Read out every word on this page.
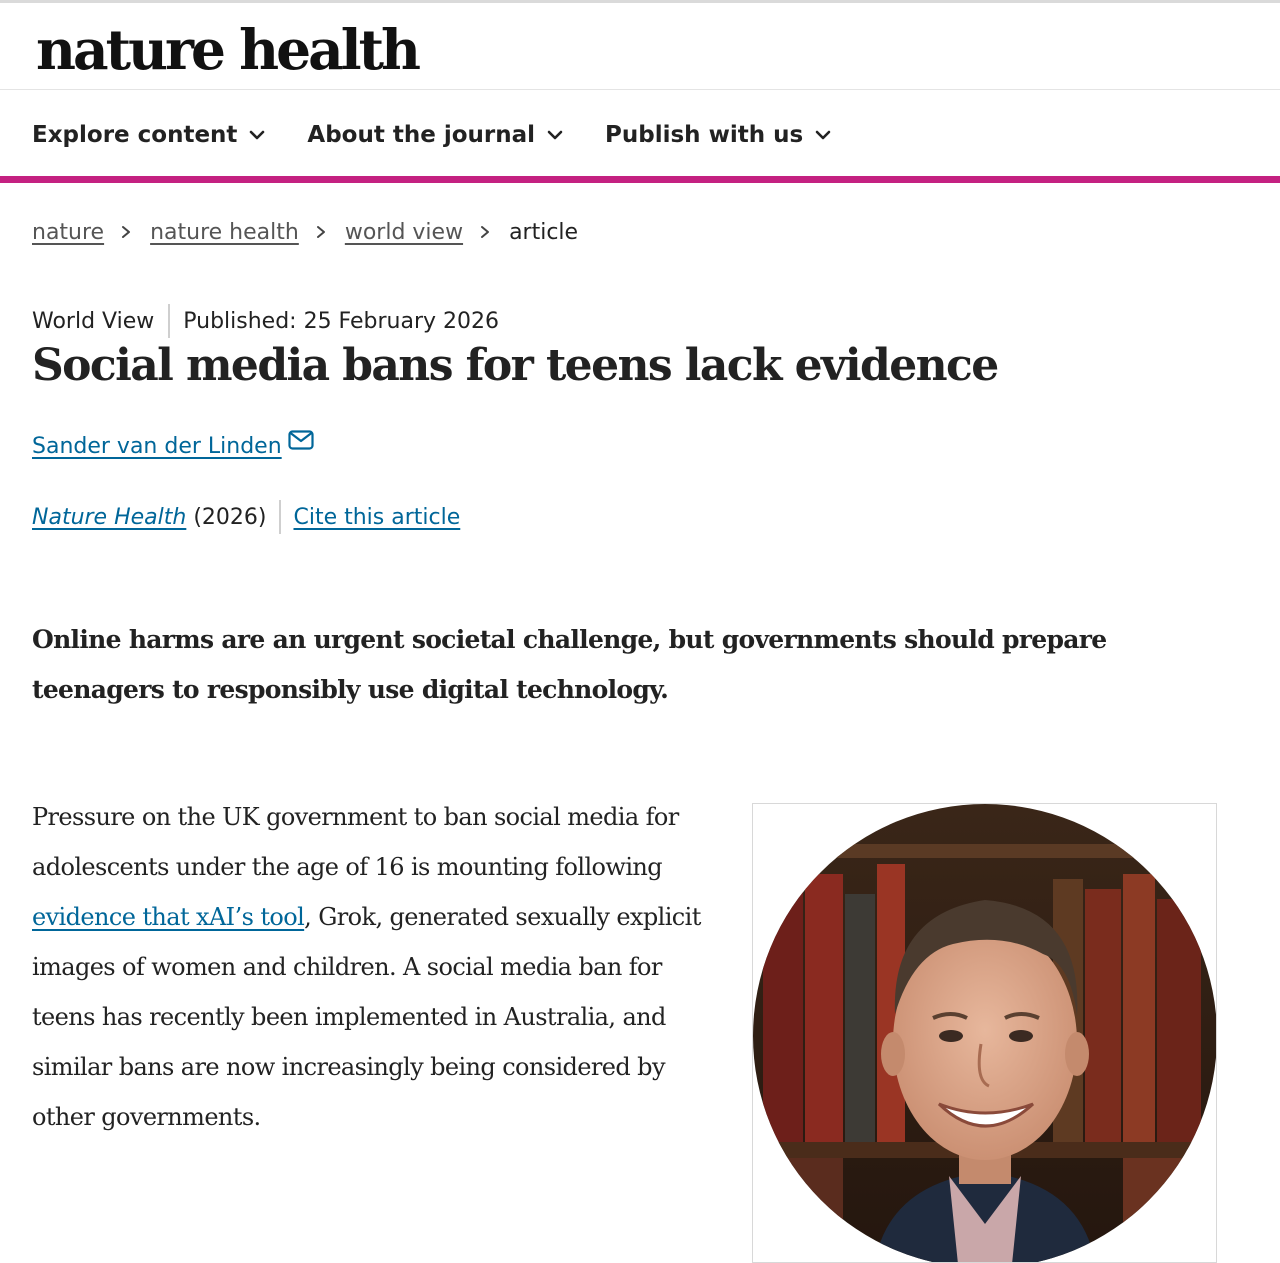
nature health
Explore content	About the journal	Publish with us
nature nature health world view article
World View Published: 25 February 2026
Social media bans for teens lack evidence
Sander van der Linden
Nature Health (2026) Cite this article

Online harms are an urgent societal challenge, but governments should prepare teenagers to responsibly use digital technology.

Pressure on the UK government to ban social media for adolescents under the age of 16 is mounting following evidence that xAI’s tool, Grok, generated sexually explicit images of women and children. A social media ban for teens has recently been implemented in Australia, and similar bans are now increasingly being considered by other governments.
